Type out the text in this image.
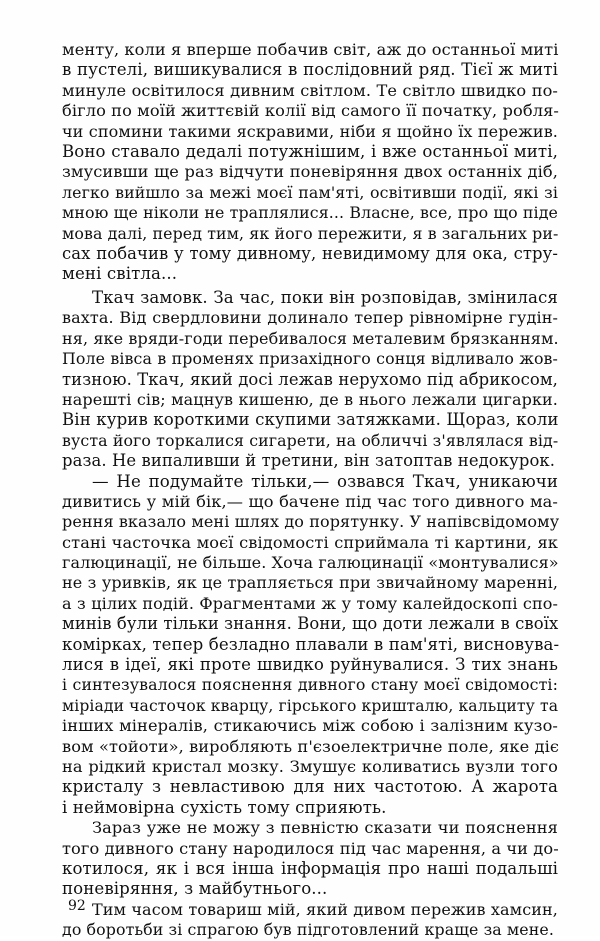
менту, коли я вперше побачив світ, аж до останньої миті
в пустелі, вишикувалися в послідовний ряд. Тієї ж миті
минуле освітилося дивним світлом. Те світло швидко по-
бігло по моїй життєвій колії від самого її початку, робля-
чи спомини такими яскравими, ніби я щойно їх пережив.
Воно ставало дедалі потужнішим, і вже останньої миті,
змусивши ще раз відчути поневіряння двох останніх діб,
легко вийшло за межі моєї пам'яті, освітивши події, які зі
мною ще ніколи не траплялися... Власне, все, про що піде
мова далі, перед тим, як його пережити, я в загальних ри-
сах побачив у тому дивному, невидимому для ока, стру-
мені світла...
Ткач замовк. За час, поки він розповідав, змінилася
вахта. Від свердловини долинало тепер рівномірне гудін-
ня, яке вряди-годи перебивалося металевим брязканням.
Поле вівса в променях призахідного сонця відливало жов-
тизною. Ткач, який досі лежав нерухомо під абрикосом,
нарешті сів; мацнув кишеню, де в нього лежали цигарки.
Він курив короткими скупими затяжками. Щораз, коли
вуста його торкалися сигарети, на обличчі з'являлася від-
раза. Не випаливши й третини, він затоптав недокурок.
— Не подумайте тільки,— озвався Ткач, уникаючи
дивитись у мій бік,— що бачене під час того дивного ма-
рення вказало мені шлях до порятунку. У напівсвідомому
стані часточка моєї свідомості сприймала ті картини, як
галюцинації, не більше. Хоча галюцинації «монтувалися»
не з уривків, як це трапляється при звичайному маренні,
а з цілих подій. Фрагментами ж у тому калейдоскопі спо-
минів були тільки знання. Вони, що доти лежали в своїх
комірках, тепер безладно плавали в пам'яті, висновува-
лися в ідеї, які проте швидко руйнувалися. З тих знань
і синтезувалося пояснення дивного стану моєї свідомості:
міріади часточок кварцу, гірського кришталю, кальциту та
інших мінералів, стикаючись між собою і залізним кузо-
вом «тойоти», виробляють п'єзоелектричне поле, яке діє
на рідкий кристал мозку. Змушує коливатись вузли того
кристалу з невластивою для них частотою. А жарота
і неймовірна сухість тому сприяють.
Зараз уже не можу з певністю сказати чи пояснення
того дивного стану народилося під час марення, а чи до-
котилося, як і вся інша інформація про наші подальші
поневіряння, з майбутнього...
Тим часом товариш мій, який дивом пережив хамсин,
до боротьби зі спрагою був підготовлений краще за мене.
92
